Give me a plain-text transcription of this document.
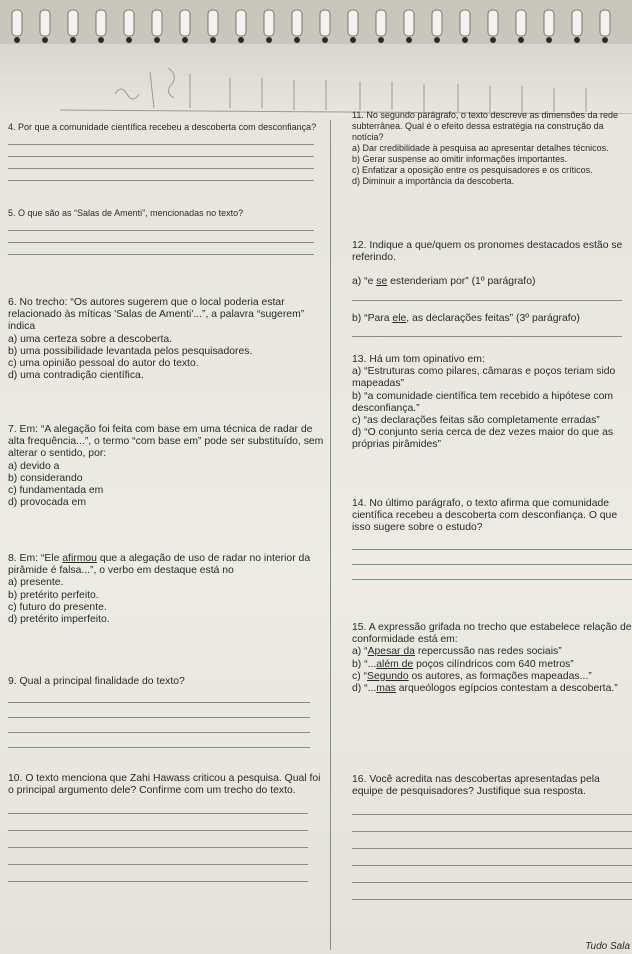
4. Por que a comunidade científica recebeu a descoberta com desconfiança?

5. O que são as “Salas de Amenti”, mencionadas no texto?

6. No trecho: “Os autores sugerem que o local poderia estar relacionado às míticas 'Salas de Amenti'...”, a palavra “sugerem” indica

a) uma certeza sobre a descoberta.
b) uma possibilidade levantada pelos pesquisadores.
c) uma opinião pessoal do autor do texto.
d) uma contradição científica.

7. Em: “A alegação foi feita com base em uma técnica de radar de alta frequência...”, o termo “com base em” pode ser substituído, sem alterar o sentido, por:

a) devido a
b) considerando
c) fundamentada em
d) provocada em

8. Em: “Ele afirmou que a alegação de uso de radar no interior da pirâmide é falsa...”, o verbo em destaque está no

a) presente.
b) pretérito perfeito.
c) futuro do presente.
d) pretérito imperfeito.

9. Qual a principal finalidade do texto?

10. O texto menciona que Zahi Hawass criticou a pesquisa. Qual foi o principal argumento dele? Confirme com um trecho do texto.

11. No segundo parágrafo, o texto descreve as dimensões da rede subterrânea. Qual é o efeito dessa estratégia na construção da notícia?

a) Dar credibilidade à pesquisa ao apresentar detalhes técnicos.
b) Gerar suspense ao omitir informações importantes.
c) Enfatizar a oposição entre os pesquisadores e os críticos.
d) Diminuir a importância da descoberta.

12. Indique a que/quem os pronomes destacados estão se referindo.

a) “e se estenderiam por” (1º parágrafo)

b) “Para ele, as declarações feitas” (3º parágrafo)

13. Há um tom opinativo em:

a) “Estruturas como pilares, câmaras e poços teriam sido mapeadas”
b) “a comunidade científica tem recebido a hipótese com desconfiança.”
c) “as declarações feitas são completamente erradas”
d) “O conjunto seria cerca de dez vezes maior do que as próprias pirâmides”

14. No último parágrafo, o texto afirma que comunidade científica recebeu a descoberta com desconfiança. O que isso sugere sobre o estudo?

15. A expressão grifada no trecho que estabelece relação de conformidade está em:

a) “Apesar da repercussão nas redes sociais”

b) “...além de poços cilíndricos com 640 metros”

c) “Segundo os autores, as formações mapeadas...”

d) “...mas arqueólogos egípcios contestam a descoberta.”

16. Você acredita nas descobertas apresentadas pela equipe de pesquisadores? Justifique sua resposta.

Tudo Sala
